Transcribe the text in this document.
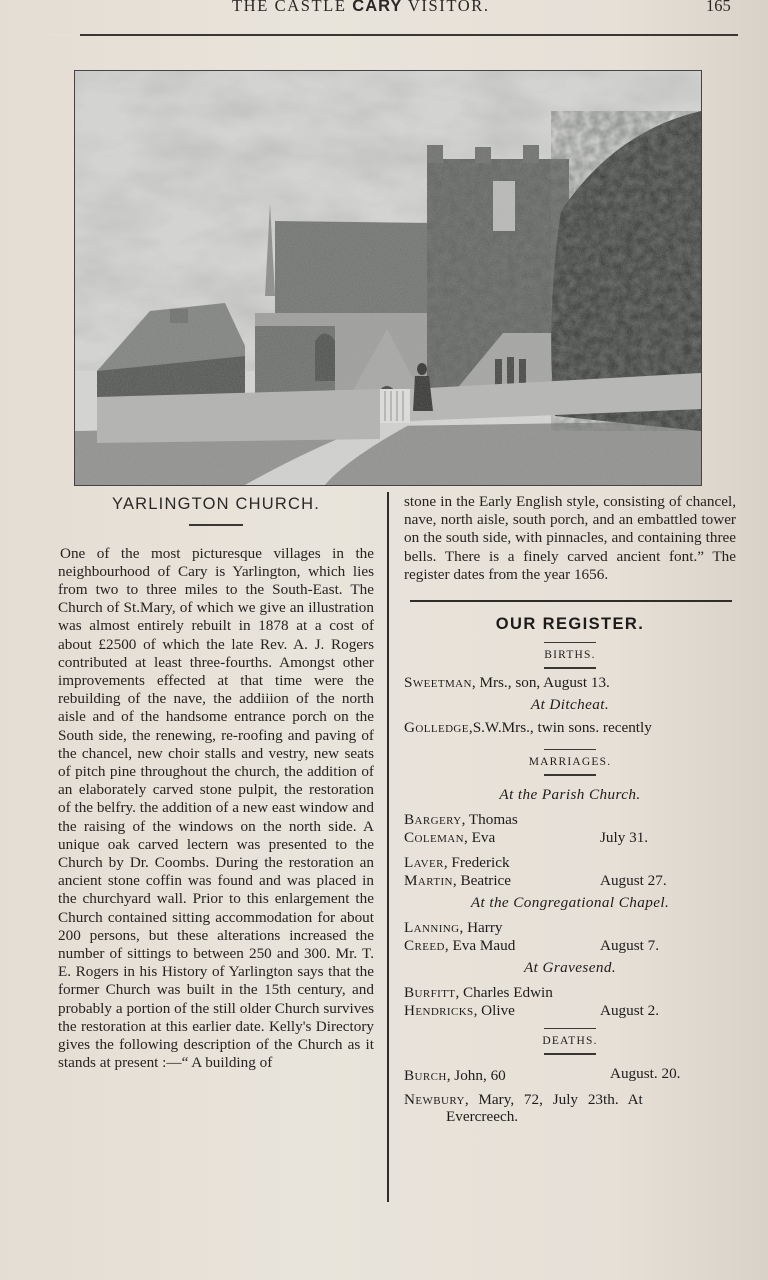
THE CASTLE CARY VISITOR.	165
YARLINGTON CHURCH.

One of the most picturesque villages in the neighbourhood of Cary is Yarlington, which lies from two to three miles to the South-East. The Church of St.Mary, of which we give an illustration was almost entirely rebuilt in 1878 at a cost of about £2500 of which the late Rev. A. J. Rogers contributed at least three-fourths. Amongst other improvements effected at that time were the rebuilding of the nave, the addiiion of the north aisle and of the handsome entrance porch on the South side, the renewing, re-roofing and paving of the chancel, new choir stalls and vestry, new seats of pitch pine throughout the church, the addition of an elaborately carved stone pulpit, the restoration of the belfry. the addition of a new east window and the raising of the windows on the north side. A unique oak carved lectern was presented to the Church by Dr. Coombs. During the restoration an ancient stone coffin was found and was placed in the churchyard wall. Prior to this enlargement the Church contained sitting accommodation for about 200 persons, but these alterations increased the number of sittings to between 250 and 300. Mr. T. E. Rogers in his History of Yarlington says that the former Church was built in the 15th century, and probably a portion of the still older Church survives the restoration at this earlier date. Kelly's Directory gives the following description of the Church as it stands at present :—“ A building of

stone in the Early English style, consisting of chancel, nave, north aisle, south porch, and an embattled tower on the south side, with pinnacles, and containing three bells. There is a finely carved ancient font.” The register dates from the year 1656.

OUR REGISTER.
BIRTHS.
Sweetman, Mrs., son, August 13.
At Ditcheat.
Golledge,S.W.Mrs., twin sons. recently
MARRIAGES.
At the Parish Church.
Bargery, Thomas
Coleman, Eva	July 31.
Laver, Frederick
Martin, Beatrice	August 27.
At the Congregational Chapel.
Lanning, Harry
Creed, Eva Maud	August 7.
At Gravesend.
Burfitt, Charles Edwin
Hendricks, Olive	August 2.
DEATHS.
Burch, John, 60	August. 20.
Newbury, Mary, 72, July 23th. At
Evercreech.
